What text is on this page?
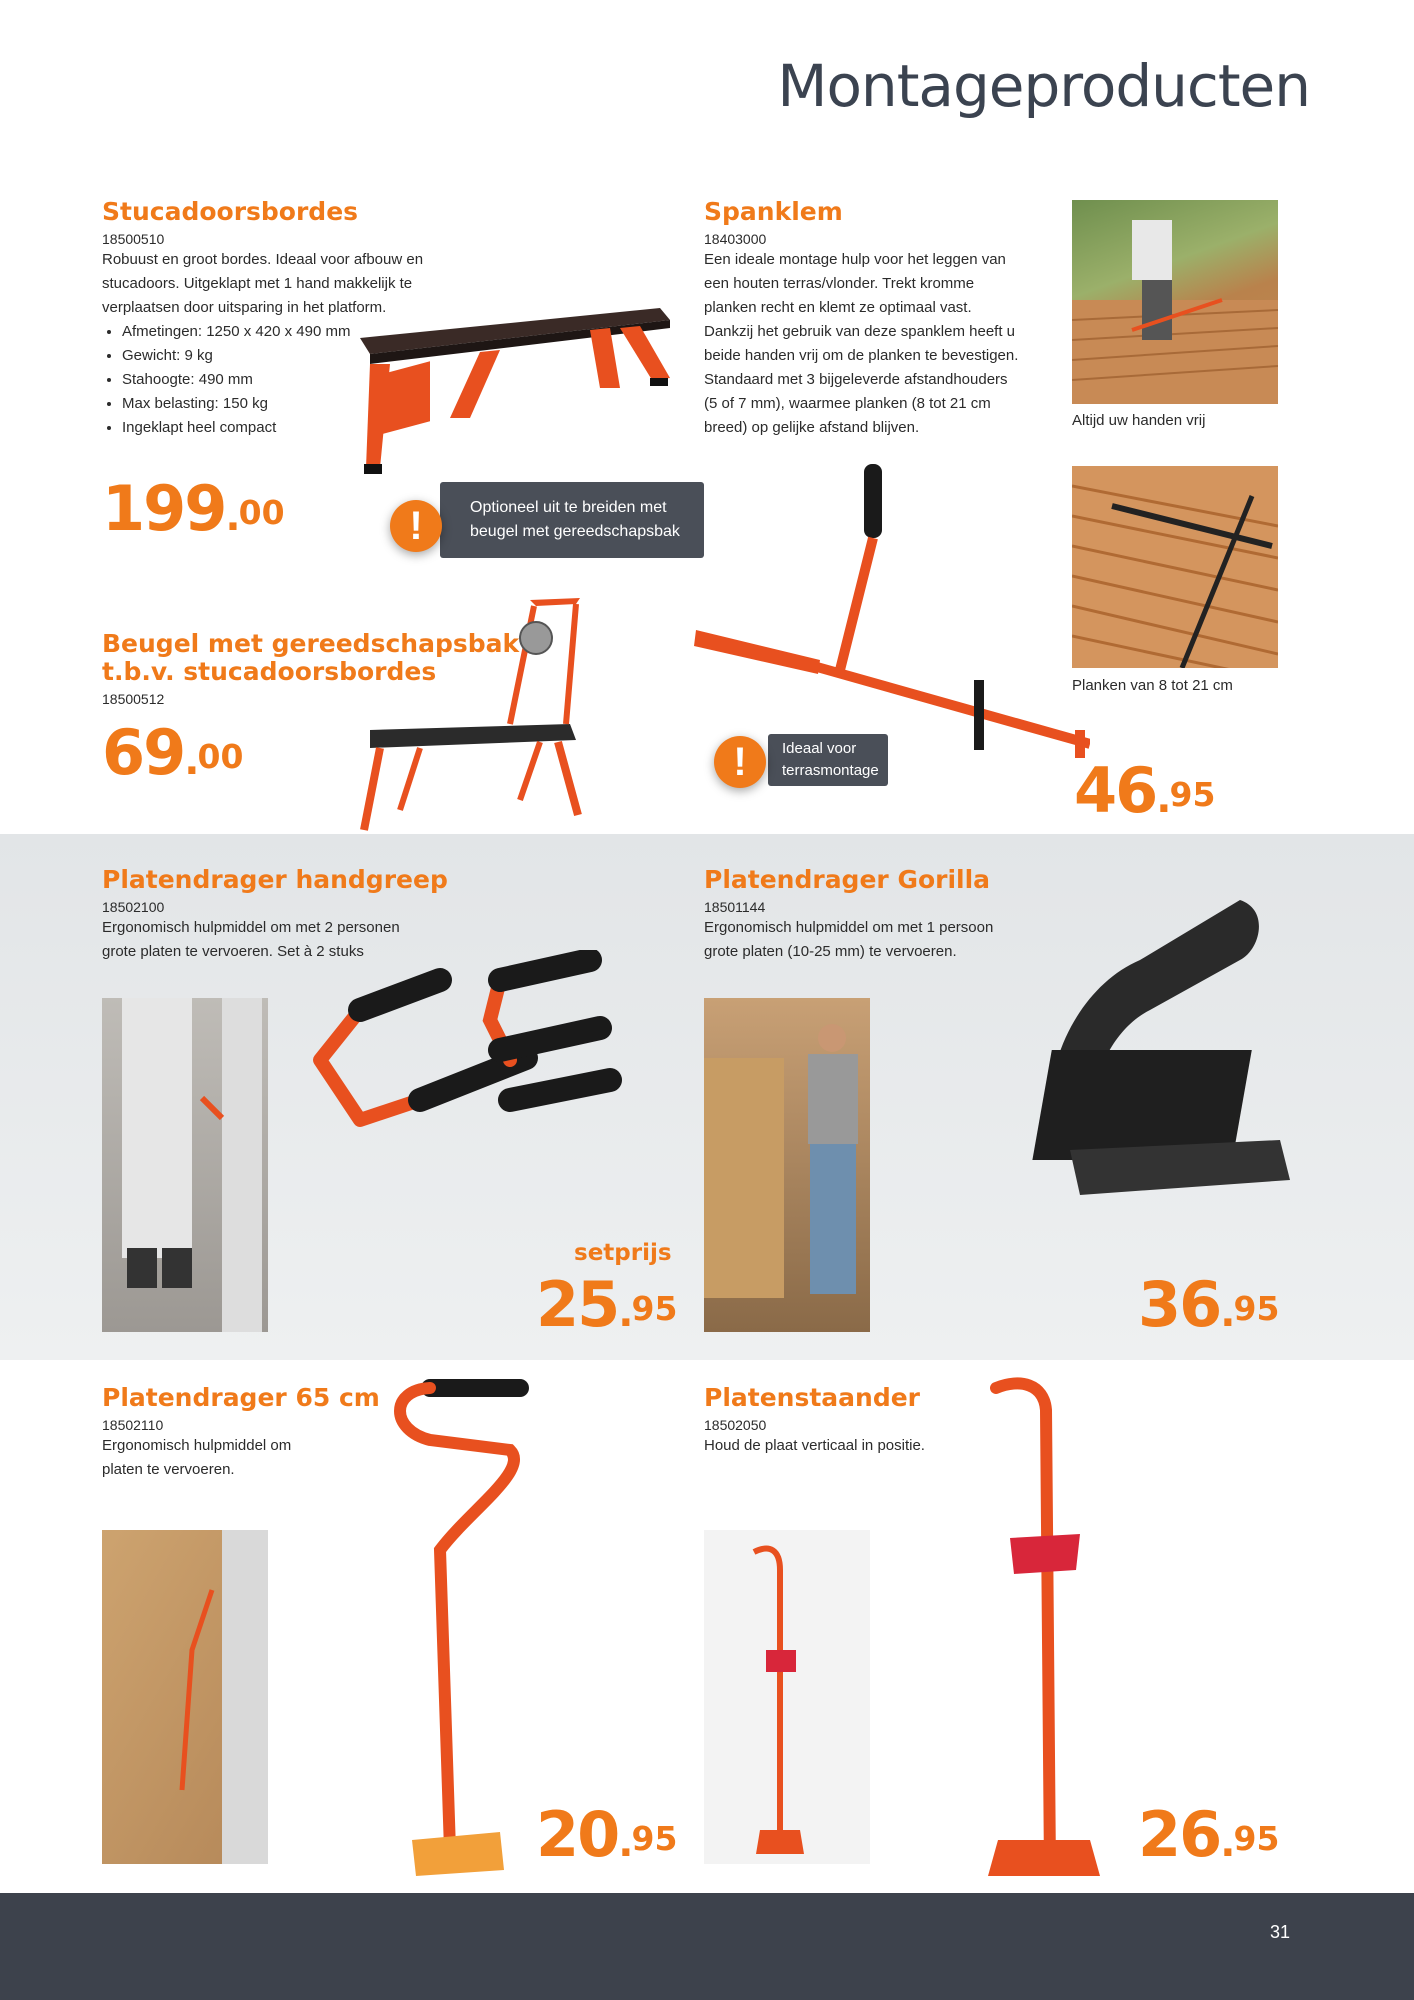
Montageproducten
Stucadoorsbordes
18500510
Robuust en groot bordes. Ideaal voor afbouw en stucadoors. Uitgeklapt met 1 hand makkelijk te verplaatsen door uitsparing in het platform.
• Afmetingen: 1250 x 420 x 490 mm
• Gewicht: 9 kg
• Stahoogte: 490 mm
• Max belasting: 150 kg
• Ingeklapt heel compact
199.00	Optioneel uit te breiden met beugel met gereedschapsbak
!
Beugel met gereedschapsbak
t.b.v. stucadoorsbordes
18500512
69.00
Spanklem
18403000
Een ideale montage hulp voor het leggen van een houten terras/vlonder. Trekt kromme planken recht en klemt ze optimaal vast. Dankzij het gebruik van deze spanklem heeft u beide handen vrij om de planken te bevestigen. Standaard met 3 bijgeleverde afstandhouders (5 of 7 mm), waarmee planken (8 tot 21 cm breed) op gelijke afstand blijven.	Altijd uw handen vrij
Planken van 8 tot 21 cm
Ideaal voor terrasmontage
!	46.95
Platendrager handgreep
18502100
Ergonomisch hulpmiddel om met 2 personen grote platen te vervoeren. Set à 2 stuks
setprijs
25.95
Platendrager Gorilla
18501144
Ergonomisch hulpmiddel om met 1 persoon grote platen (10-25 mm) te vervoeren.
36.95
Platendrager 65 cm
18502110
Ergonomisch hulpmiddel om platen te vervoeren.
20.95
Platenstaander
18502050
Houd de plaat verticaal in positie.
26.95
31
